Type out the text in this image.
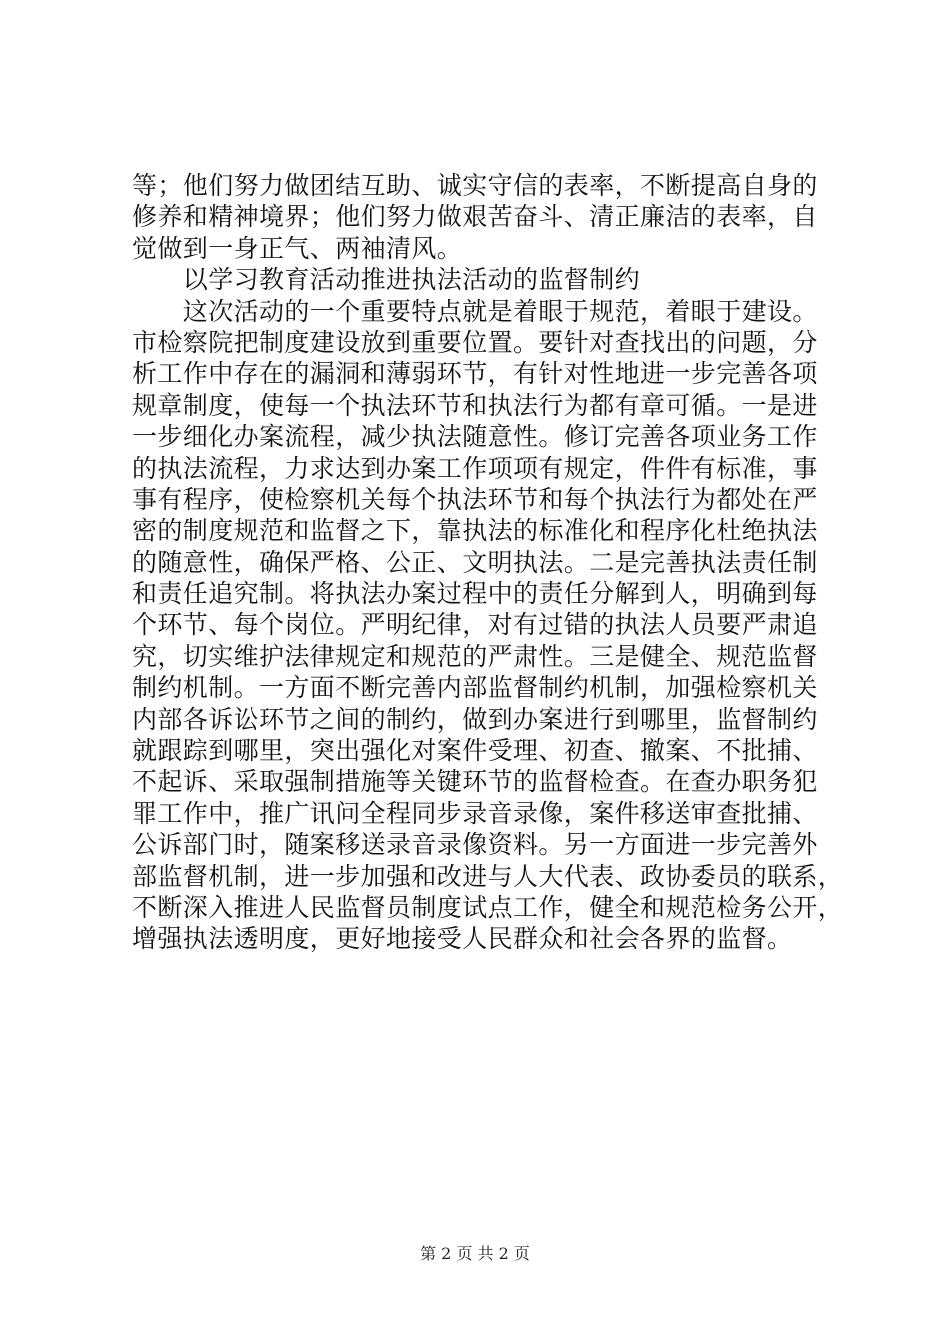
等；他们努力做团结互助、诚实守信的表率，不断提高自身的
修养和精神境界；他们努力做艰苦奋斗、清正廉洁的表率，自
觉做到一身正气、两袖清风。
　　以学习教育活动推进执法活动的监督制约
　　这次活动的一个重要特点就是着眼于规范，着眼于建设。
市检察院把制度建设放到重要位置。要针对查找出的问题，分
析工作中存在的漏洞和薄弱环节，有针对性地进一步完善各项
规章制度，使每一个执法环节和执法行为都有章可循。一是进
一步细化办案流程，减少执法随意性。修订完善各项业务工作
的执法流程，力求达到办案工作项项有规定，件件有标准，事
事有程序，使检察机关每个执法环节和每个执法行为都处在严
密的制度规范和监督之下，靠执法的标准化和程序化杜绝执法
的随意性，确保严格、公正、文明执法。二是完善执法责任制
和责任追究制。将执法办案过程中的责任分解到人，明确到每
个环节、每个岗位。严明纪律，对有过错的执法人员要严肃追
究，切实维护法律规定和规范的严肃性。三是健全、规范监督
制约机制。一方面不断完善内部监督制约机制，加强检察机关
内部各诉讼环节之间的制约，做到办案进行到哪里，监督制约
就跟踪到哪里，突出强化对案件受理、初查、撤案、不批捕、
不起诉、采取强制措施等关键环节的监督检查。在查办职务犯
罪工作中，推广讯问全程同步录音录像，案件移送审查批捕、
公诉部门时，随案移送录音录像资料。另一方面进一步完善外
部监督机制，进一步加强和改进与人大代表、政协委员的联系，
不断深入推进人民监督员制度试点工作，健全和规范检务公开，
增强执法透明度，更好地接受人民群众和社会各界的监督。
第 2 页 共 2 页
